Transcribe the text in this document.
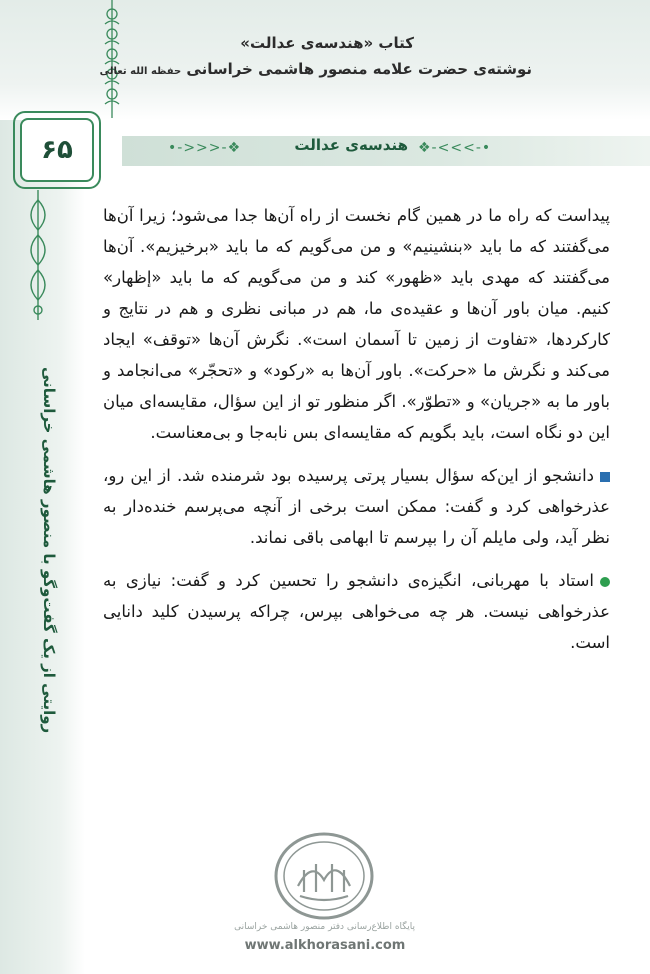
کتاب «هندسه‌ی عدالت»
نوشته‌ی حضرت علامه منصور هاشمی خراسانی حفظه الله تعالی
•->>>-❖	❖-<<<-•
هندسه‌ی عدالت
۶۵
روایتی از یک گفت‌وگو با منصور هاشمی خراسانی

پیداست که راه ما در همین گام نخست از راه آن‌ها جدا می‌شود؛ زیرا آن‌ها می‌گفتند که ما باید «بنشینیم» و من می‌گویم که ما باید «برخیزیم». آن‌ها می‌گفتند که مهدی باید «ظهور» کند و من می‌گویم که ما باید «إظهار» کنیم. میان باور آن‌ها و عقیده‌ی ما، هم در مبانی نظری و هم در نتایج و کارکردها، «تفاوت از زمین تا آسمان است». نگرش آن‌ها «توقف» ایجاد می‌کند و نگرش ما «حرکت». باور آن‌ها به «رکود» و «تحجّر» می‌انجامد و باور ما به «جریان» و «تطوّر». اگر منظور تو از این سؤال، مقایسه‌ای میان این دو نگاه است، باید بگویم که مقایسه‌ای بس نابه‌جا و بی‌معناست.

دانشجو از این‌که سؤال بسیار پرتی پرسیده بود شرمنده شد. از این رو، عذرخواهی کرد و گفت: ممکن است برخی از آنچه می‌پرسم خنده‌دار به نظر آید، ولی مایلم آن را بپرسم تا ابهامی باقی نماند.

استاد با مهربانی، انگیزه‌ی دانشجو را تحسین کرد و گفت: نیازی به عذرخواهی نیست. هر چه می‌خواهی بپرس، چراکه پرسیدن کلید دانایی است.

پایگاه اطلاع‌رسانی دفتر منصور هاشمی خراسانی
www.alkhorasani.com
